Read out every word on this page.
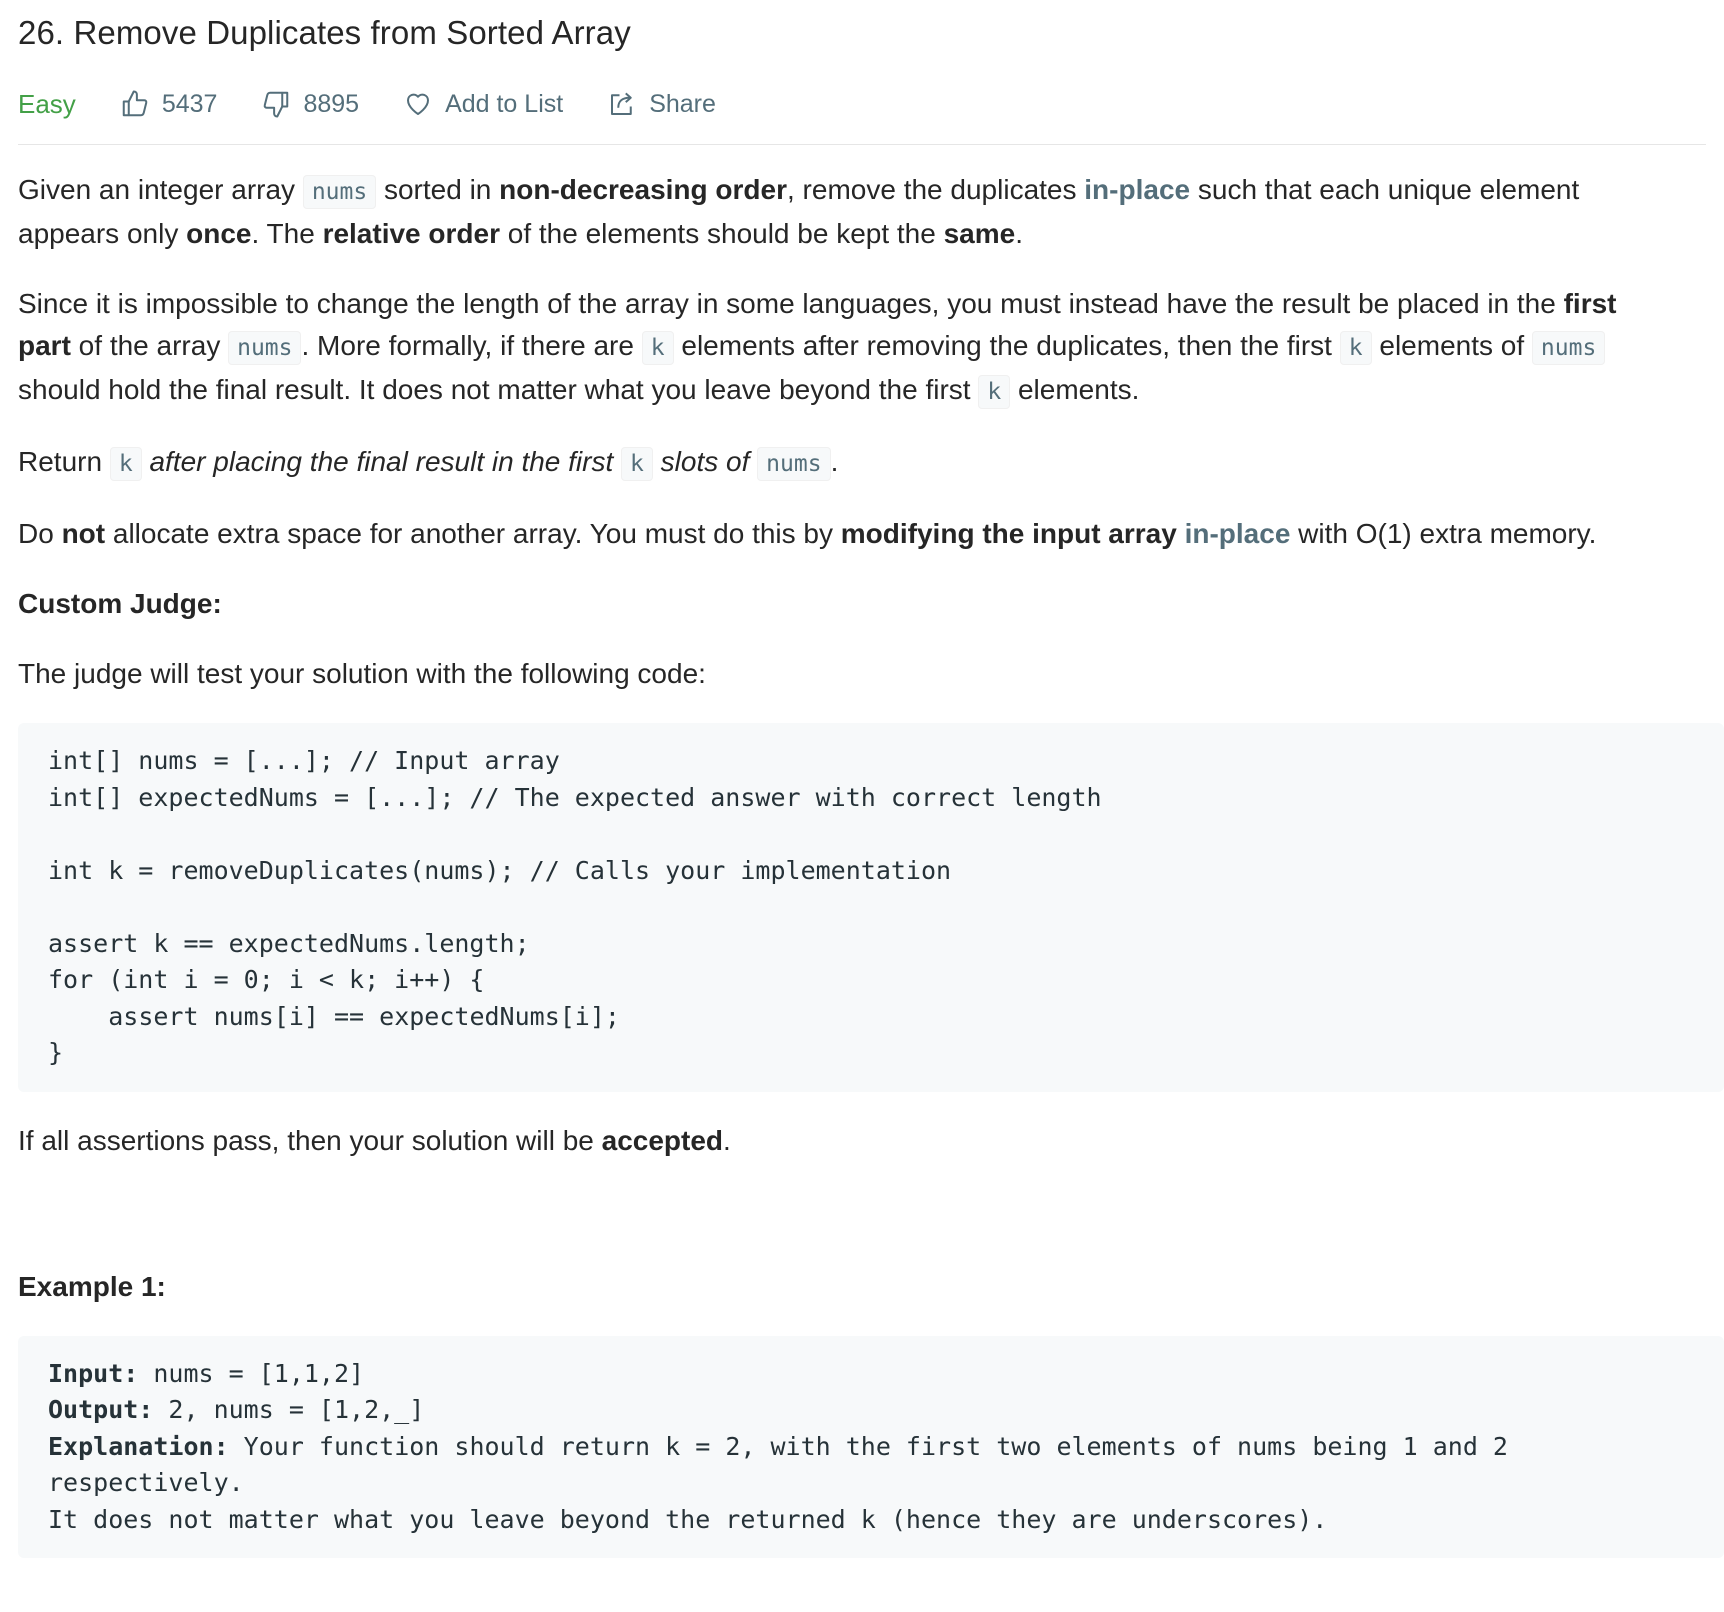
26. Remove Duplicates from Sorted Array
Easy	5437	8895	Add to List	Share

Given an integer array nums sorted in non-decreasing order, remove the duplicates in-place such that each unique element appears only once. The relative order of the elements should be kept the same.

Since it is impossible to change the length of the array in some languages, you must instead have the result be placed in the first part of the array nums . More formally, if there are k elements after removing the duplicates, then the first k elements of nums should hold the final result. It does not matter what you leave beyond the first k elements.

Return k after placing the final result in the first k slots of nums .

Do not allocate extra space for another array. You must do this by modifying the input array in-place with O(1) extra memory.

Custom Judge:

The judge will test your solution with the following code:

int[] nums = [...]; // Input array
int[] expectedNums = [...]; // The expected answer with correct length
int k = removeDuplicates(nums); // Calls your implementation
assert k == expectedNums.length;
for (int i = 0; i < k; i++) {
assert nums[i] == expectedNums[i];
}

If all assertions pass, then your solution will be accepted.

Example 1:

Input: nums = [1,1,2]
Output: 2, nums = [1,2,_]
Explanation: Your function should return k = 2, with the first two elements of nums being 1 and 2 respectively.
It does not matter what you leave beyond the returned k (hence they are underscores).
